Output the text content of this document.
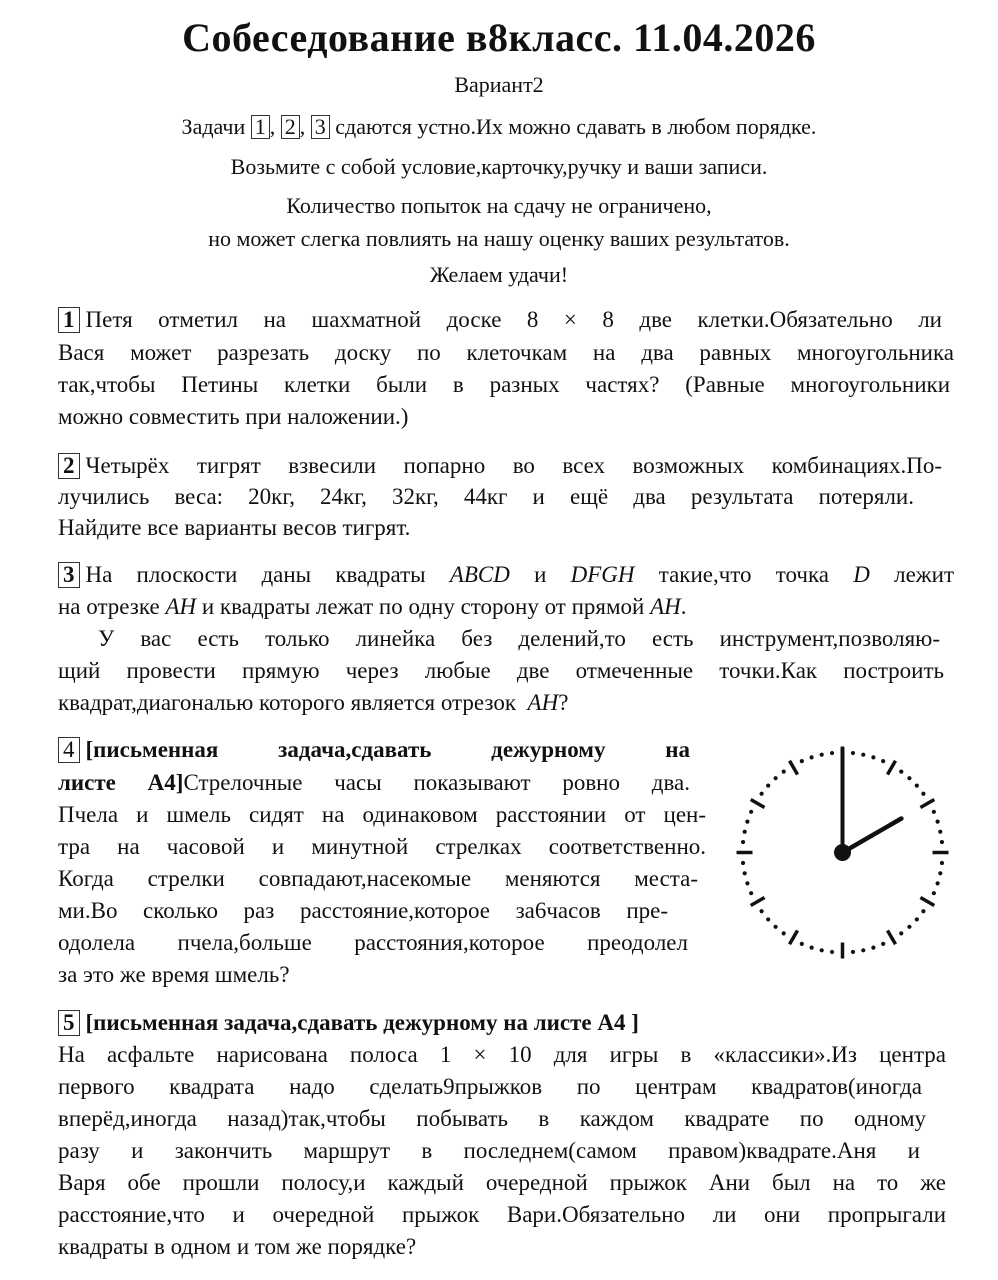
Собеседование в8класс. 11.04.2026
Вариант2
Задачи 1 , 2 , 3 сдаются устно.Их можно сдавать в любом порядке.
Возьмите с собой условие,карточку,ручку и ваши записи.
Количество попыток на сдачу не ограничено,
но может слегка повлиять на нашу оценку ваших результатов.
Желаем удачи!
1 Петя отметил на шахматной доске 8 × 8 две клетки.Обязательно ли
Вася может разрезать доску по клеточкам на два равных многоугольника
так,чтобы Петины клетки были в разных частях? (Равные многоугольники
можно совместить при наложении.)
2 Четырёх тигрят взвесили попарно во всех возможных комбинациях.По-
лучились веса: 20кг, 24кг, 32кг, 44кг и ещё два результата потеряли.
Найдите все варианты весов тигрят.
3 На плоскости даны квадраты ABCD и DFGH такие,что точка D лежит
на отрезке AH и квадраты лежат по одну сторону от прямой AH.
У вас есть только линейка без делений,то есть инструмент,позволяю-
щий провести прямую через любые две отмеченные точки.Как построить
квадрат,диагональю которого является отрезок AH?
4 [письменная задача,сдавать дежурному на
листе А4]Стрелочные часы показывают ровно два.
Пчела и шмель сидят на одинаковом расстоянии от цен-
тра на часовой и минутной стрелках соответственно.
Когда стрелки совпадают,насекомые меняются места-
ми.Во сколько раз расстояние,которое за6часов пре-
одолела пчела,больше расстояния,которое преодолел
за это же время шмель?
5 [письменная задача,сдавать дежурному на листе А4 ]
На асфальте нарисована полоса 1 × 10 для игры в «классики».Из центра
первого квадрата надо сделать9прыжков по центрам квадратов(иногда
вперёд,иногда назад)так,чтобы побывать в каждом квадрате по одному
разу и закончить маршрут в последнем(самом правом)квадрате.Аня и
Варя обе прошли полосу,и каждый очередной прыжок Ани был на то же
расстояние,что и очередной прыжок Вари.Обязательно ли они пропрыгали
квадраты в одном и том же порядке?
